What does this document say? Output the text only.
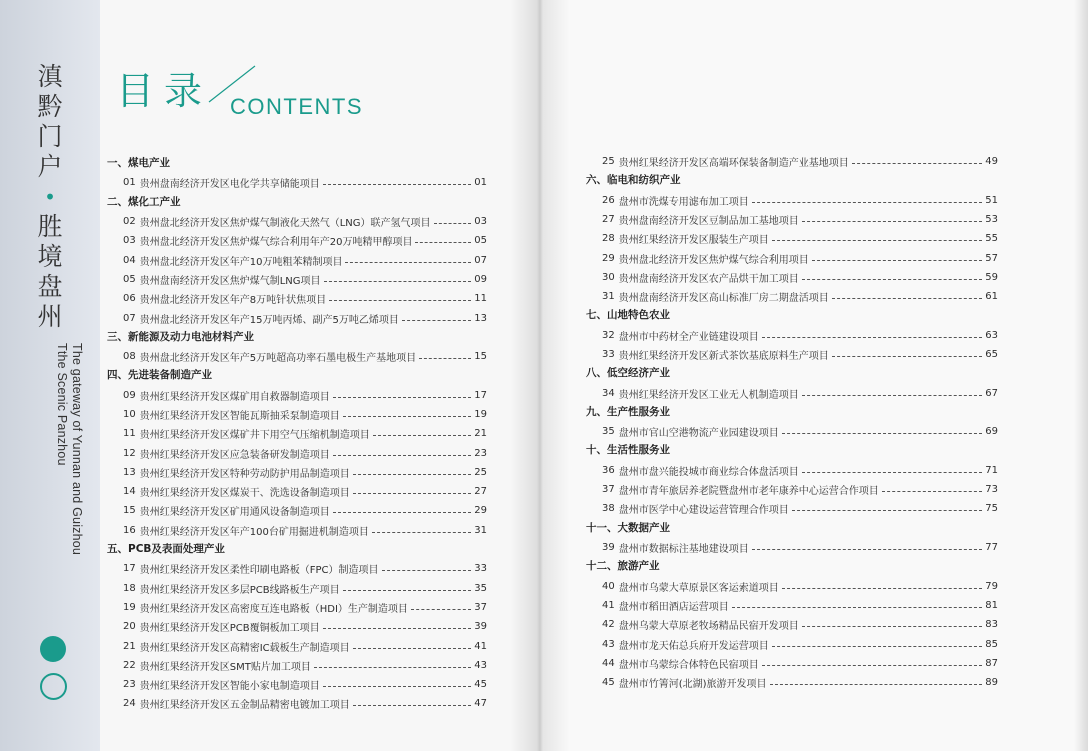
滇
黔
门
户
•
胜
境
盘
州
The gateway of Yunnan and Guizhou
Tthe Scenic Panzhou
目录 CONTENTS
一、煤电产业
01 贵州盘南经济开发区电化学共享储能项目	01
二、煤化工产业
02 贵州盘北经济开发区焦炉煤气制液化天然气（LNG）联产氢气项目	03
03 贵州盘北经济开发区焦炉煤气综合利用年产20万吨精甲醇项目	05
04 贵州盘北经济开发区年产10万吨粗苯精制项目	07
05 贵州盘南经济开发区焦炉煤气制LNG项目	09
06 贵州盘北经济开发区年产8万吨针状焦项目	11
07 贵州盘北经济开发区年产15万吨丙烯、副产5万吨乙烯项目	13
三、新能源及动力电池材料产业
08 贵州盘北经济开发区年产5万吨超高功率石墨电极生产基地项目	15
四、先进装备制造产业
09 贵州红果经济开发区煤矿用自救器制造项目	17
10 贵州红果经济开发区智能瓦斯抽采泵制造项目	19
11 贵州红果经济开发区煤矿井下用空气压缩机制造项目	21
12 贵州红果经济开发区应急装备研发制造项目	23
13 贵州红果经济开发区特种劳动防护用品制造项目	25
14 贵州红果经济开发区煤炭干、洗选设备制造项目	27
15 贵州红果经济开发区矿用通风设备制造项目	29
16 贵州红果经济开发区年产100台矿用掘进机制造项目	31
五、PCB及表面处理产业
17 贵州红果经济开发区柔性印刷电路板（FPC）制造项目	33
18 贵州红果经济开发区多层PCB线路板生产项目	35
19 贵州红果经济开发区高密度互连电路板（HDI）生产制造项目	37
20 贵州红果经济开发区PCB覆铜板加工项目	39
21 贵州红果经济开发区高精密IC载板生产制造项目	41
22 贵州红果经济开发区SMT贴片加工项目	43
23 贵州红果经济开发区智能小家电制造项目	45
24 贵州红果经济开发区五金制品精密电镀加工项目	47
25 贵州红果经济开发区高端环保装备制造产业基地项目	49
六、临电和纺织产业
26 盘州市洗煤专用滤布加工项目	51
27 贵州盘南经济开发区豆制品加工基地项目	53
28 贵州红果经济开发区服装生产项目	55
29 贵州盘北经济开发区焦炉煤气综合利用项目	57
30 贵州盘南经济开发区农产品烘干加工项目	59
31 贵州盘南经济开发区高山标准厂房二期盘活项目	61
七、山地特色农业
32 盘州市中药材全产业链建设项目	63
33 贵州红果经济开发区新式茶饮基底原料生产项目	65
八、低空经济产业
34 贵州红果经济开发区工业无人机制造项目	67
九、生产性服务业
35 盘州市官山空港物流产业园建设项目	69
十、生活性服务业
36 盘州市盘兴能投城市商业综合体盘活项目	71
37 盘州市青年旅居养老院暨盘州市老年康养中心运营合作项目	73
38 盘州市医学中心建设运营管理合作项目	75
十一、大数据产业
39 盘州市数据标注基地建设项目	77
十二、旅游产业
40 盘州市乌蒙大草原景区客运索道项目	79
41 盘州市稻田酒店运营项目	81
42 盘州乌蒙大草原老牧场精品民宿开发项目	83
43 盘州市龙天佑总兵府开发运营项目	85
44 盘州市乌蒙综合体特色民宿项目	87
45 盘州市竹箐河(北湖)旅游开发项目	89
